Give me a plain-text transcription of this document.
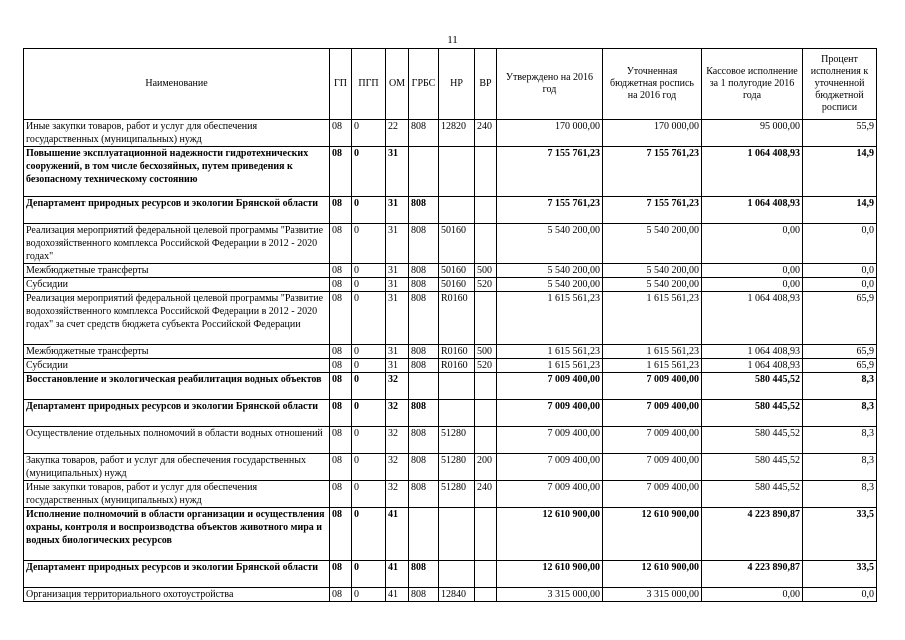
11
Наименование	ГП	ПГП	ОМ	ГРБС	НР	ВР	Утверждено на 2016 год	Уточненная бюджетная роспись на 2016 год	Кассовое исполнение за 1 полугодие 2016 года	Процент исполнения к уточненной бюджетной росписи
Иные закупки товаров, работ и услуг для обеспечения государственных (муниципальных) нужд	08	0	22	808	12820	240	170 000,00	170 000,00	95 000,00	55,9
Повышение эксплуатационной надежности гидротехнических сооружений, в том числе бесхозяйных, путем приведения к безопасному техническому состоянию	08	0	31				7 155 761,23	7 155 761,23	1 064 408,93	14,9
Департамент природных ресурсов и экологии Брянской области	08	0	31	808			7 155 761,23	7 155 761,23	1 064 408,93	14,9
Реализация мероприятий федеральной целевой программы "Развитие водохозяйственного комплекса Российской Федерации в 2012 - 2020 годах"	08	0	31	808	50160		5 540 200,00	5 540 200,00	0,00	0,0
Межбюджетные трансферты	08	0	31	808	50160	500	5 540 200,00	5 540 200,00	0,00	0,0
Субсидии	08	0	31	808	50160	520	5 540 200,00	5 540 200,00	0,00	0,0
Реализация мероприятий федеральной целевой программы "Развитие водохозяйственного комплекса Российской Федерации в 2012 - 2020 годах" за счет средств бюджета субъекта Российской Федерации	08	0	31	808	R0160		1 615 561,23	1 615 561,23	1 064 408,93	65,9
Межбюджетные трансферты	08	0	31	808	R0160	500	1 615 561,23	1 615 561,23	1 064 408,93	65,9
Субсидии	08	0	31	808	R0160	520	1 615 561,23	1 615 561,23	1 064 408,93	65,9
Восстановление и экологическая реабилитация водных объектов	08	0	32				7 009 400,00	7 009 400,00	580 445,52	8,3
Департамент природных ресурсов и экологии Брянской области	08	0	32	808			7 009 400,00	7 009 400,00	580 445,52	8,3
Осуществление отдельных полномочий в области водных отношений	08	0	32	808	51280		7 009 400,00	7 009 400,00	580 445,52	8,3
Закупка товаров, работ и услуг для обеспечения государственных (муниципальных) нужд	08	0	32	808	51280	200	7 009 400,00	7 009 400,00	580 445,52	8,3
Иные закупки товаров, работ и услуг для обеспечения государственных (муниципальных) нужд	08	0	32	808	51280	240	7 009 400,00	7 009 400,00	580 445,52	8,3
Исполнение полномочий в области организации и осуществления охраны, контроля и воспроизводства объектов животного мира и водных биологических ресурсов	08	0	41				12 610 900,00	12 610 900,00	4 223 890,87	33,5
Департамент природных ресурсов и экологии Брянской области	08	0	41	808			12 610 900,00	12 610 900,00	4 223 890,87	33,5
Организация территориального охотоустройства	08	0	41	808	12840		3 315 000,00	3 315 000,00	0,00	0,0
